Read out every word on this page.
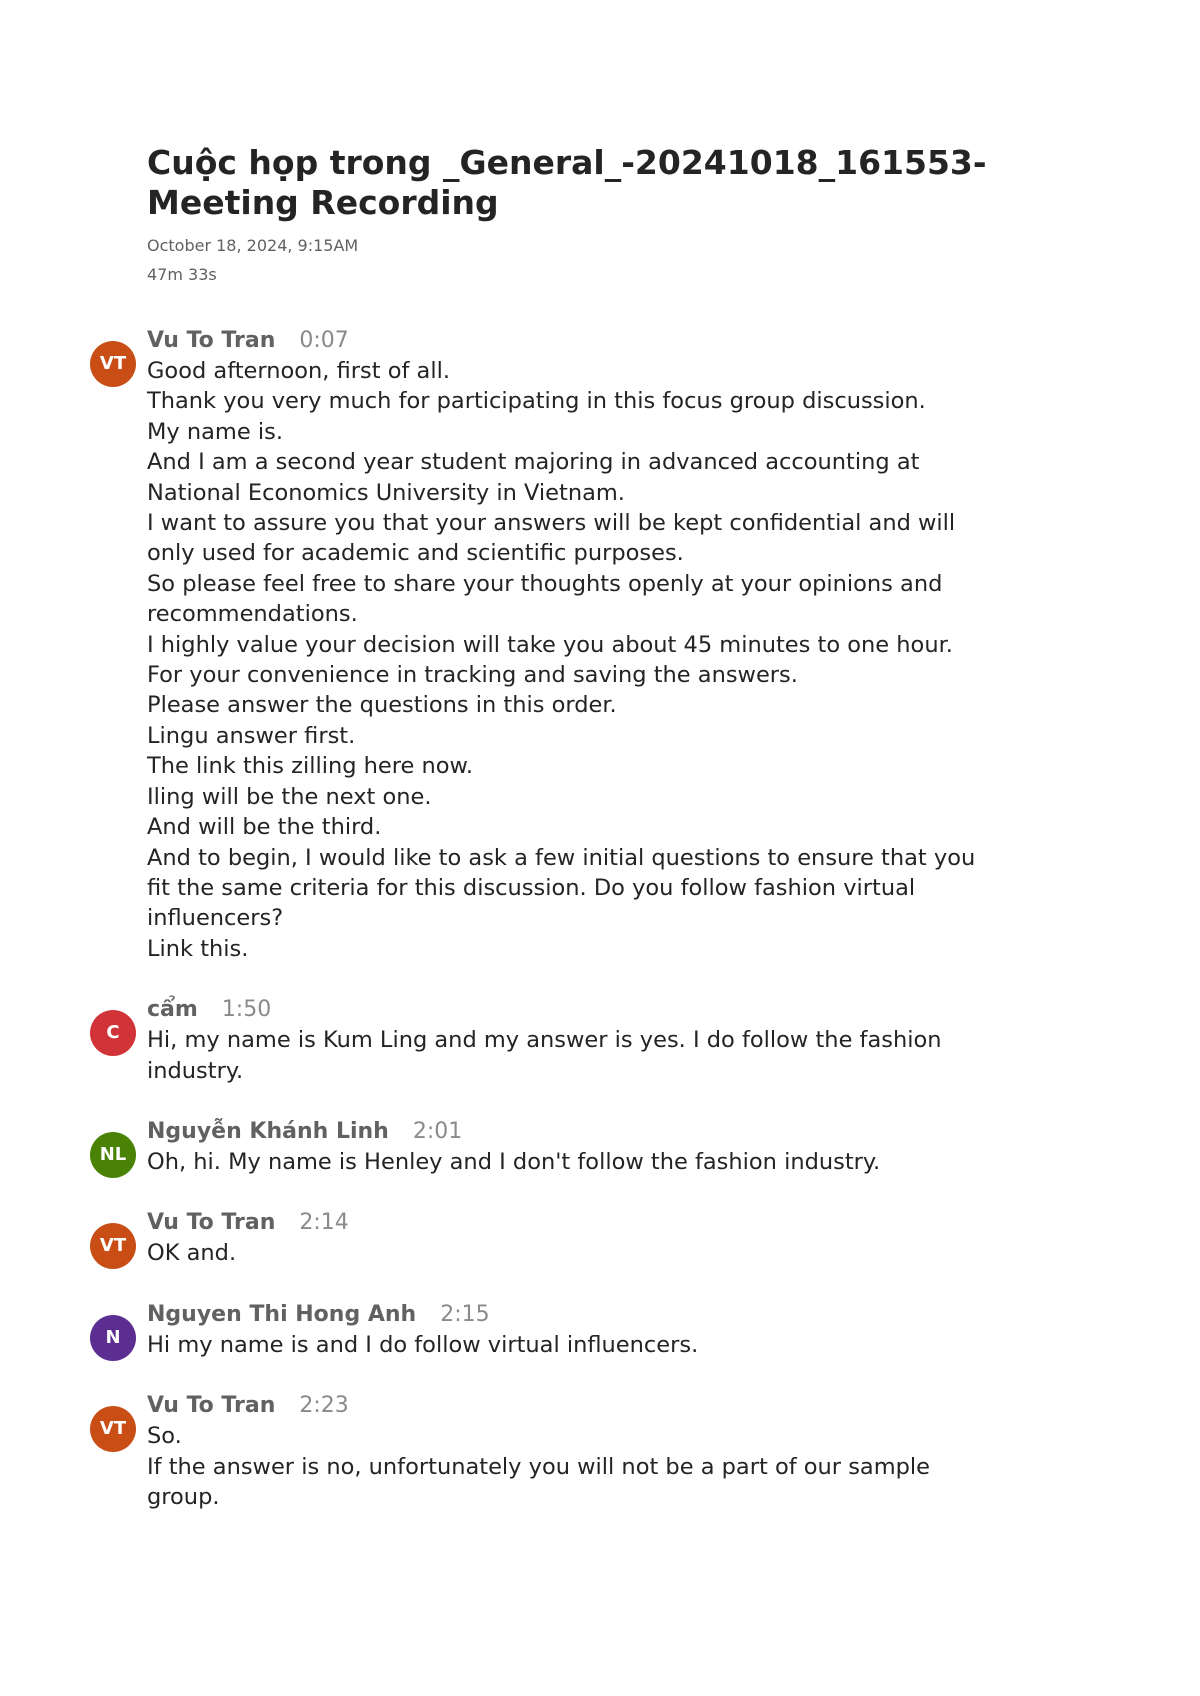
Cuộc họp trong _General_-20241018_161553-
Meeting Recording
October 18, 2024, 9:15AM
47m 33s
VT
Vu To Tran 0:07
Good afternoon, first of all.
Thank you very much for participating in this focus group discussion.
My name is.
And I am a second year student majoring in advanced accounting at
National Economics University in Vietnam.
I want to assure you that your answers will be kept confidential and will
only used for academic and scientific purposes.
So please feel free to share your thoughts openly at your opinions and
recommendations.
I highly value your decision will take you about 45 minutes to one hour.
For your convenience in tracking and saving the answers.
Please answer the questions in this order.
Lingu answer first.
The link this zilling here now.
Iling will be the next one.
And will be the third.
And to begin, I would like to ask a few initial questions to ensure that you
fit the same criteria for this discussion. Do you follow fashion virtual
influencers?
Link this.
C
cẩm 1:50
Hi, my name is Kum Ling and my answer is yes. I do follow the fashion
industry.
NL
Nguyễn Khánh Linh 2:01
Oh, hi. My name is Henley and I don't follow the fashion industry.
VT
Vu To Tran 2:14
OK and.
N
Nguyen Thi Hong Anh 2:15
Hi my name is and I do follow virtual influencers.
VT
Vu To Tran 2:23
So.
If the answer is no, unfortunately you will not be a part of our sample
group.
